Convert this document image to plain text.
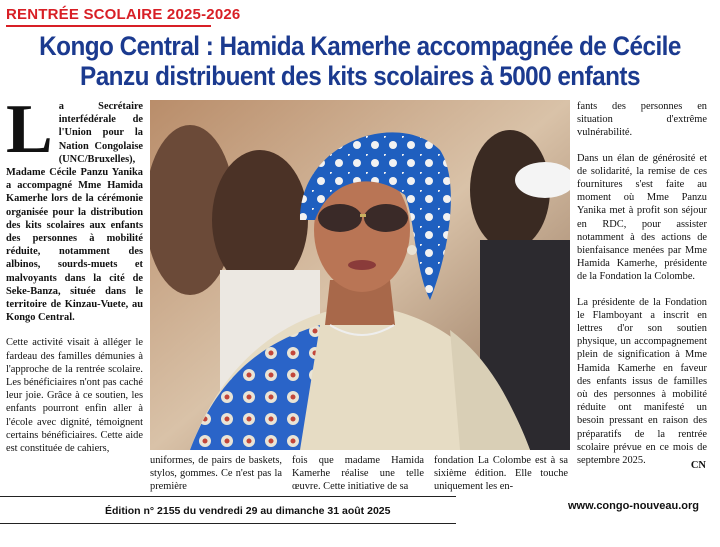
RENTRÉE SCOLAIRE 2025-2026
Kongo Central : Hamida Kamerhe accompagnée de Cécile
Panzu distribuent des kits scolaires à 5000 enfants

La Secrétaire interfédérale de l'Union pour la Nation Congolaise (UNC/Bruxelles), Madame Cécile Panzu Yanika a accompagné Mme Hamida Kamerhe lors de la cérémonie organisée pour la distribution des kits scolaires aux enfants des personnes à mobilité réduite, notamment des albinos, sourds-muets et malvoyants dans la cité de Seke-Banza, située dans le territoire de Kinzau-Vuete, au Kongo Central.

Cette activité visait à alléger le fardeau des familles démunies à l'approche de la rentrée scolaire. Les bénéficiaires n'ont pas caché leur joie. Grâce à ce soutien, les enfants pourront enfin aller à l'école avec dignité, témoignent certains bénéficiaires. Cette aide est constituée de cahiers,

uniformes, de pairs de baskets, stylos, gommes. Ce n'est pas la première
fois que madame Hamida Kamerhe réalise une telle œuvre. Cette initiative de sa
fondation La Colombe est à sa sixième édition. Elle touche uniquement les en-

fants des personnes en situation d'extrême vulnérabilité.

Dans un élan de générosité et de solidarité, la remise de ces fournitures s'est faite au moment où Mme Panzu Yanika met à profit son séjour en RDC, pour assister notamment à des actions de bienfaisance menées par Mme Hamida Kamerhe, présidente de la Fondation la Colombe.

La présidente de la Fondation le Flamboyant a inscrit en lettres d'or son soutien physique, un accompagnement plein de signification à Mme Hamida Kamerhe en faveur des enfants issus de familles où des personnes à mobilité réduite ont manifesté un besoin pressant en raison des préparatifs de la rentrée scolaire prévue en ce mois de septembre 2025.	CN
Édition n° 2155 du vendredi 29 au dimanche 31 août 2025	www.congo-nouveau.org
